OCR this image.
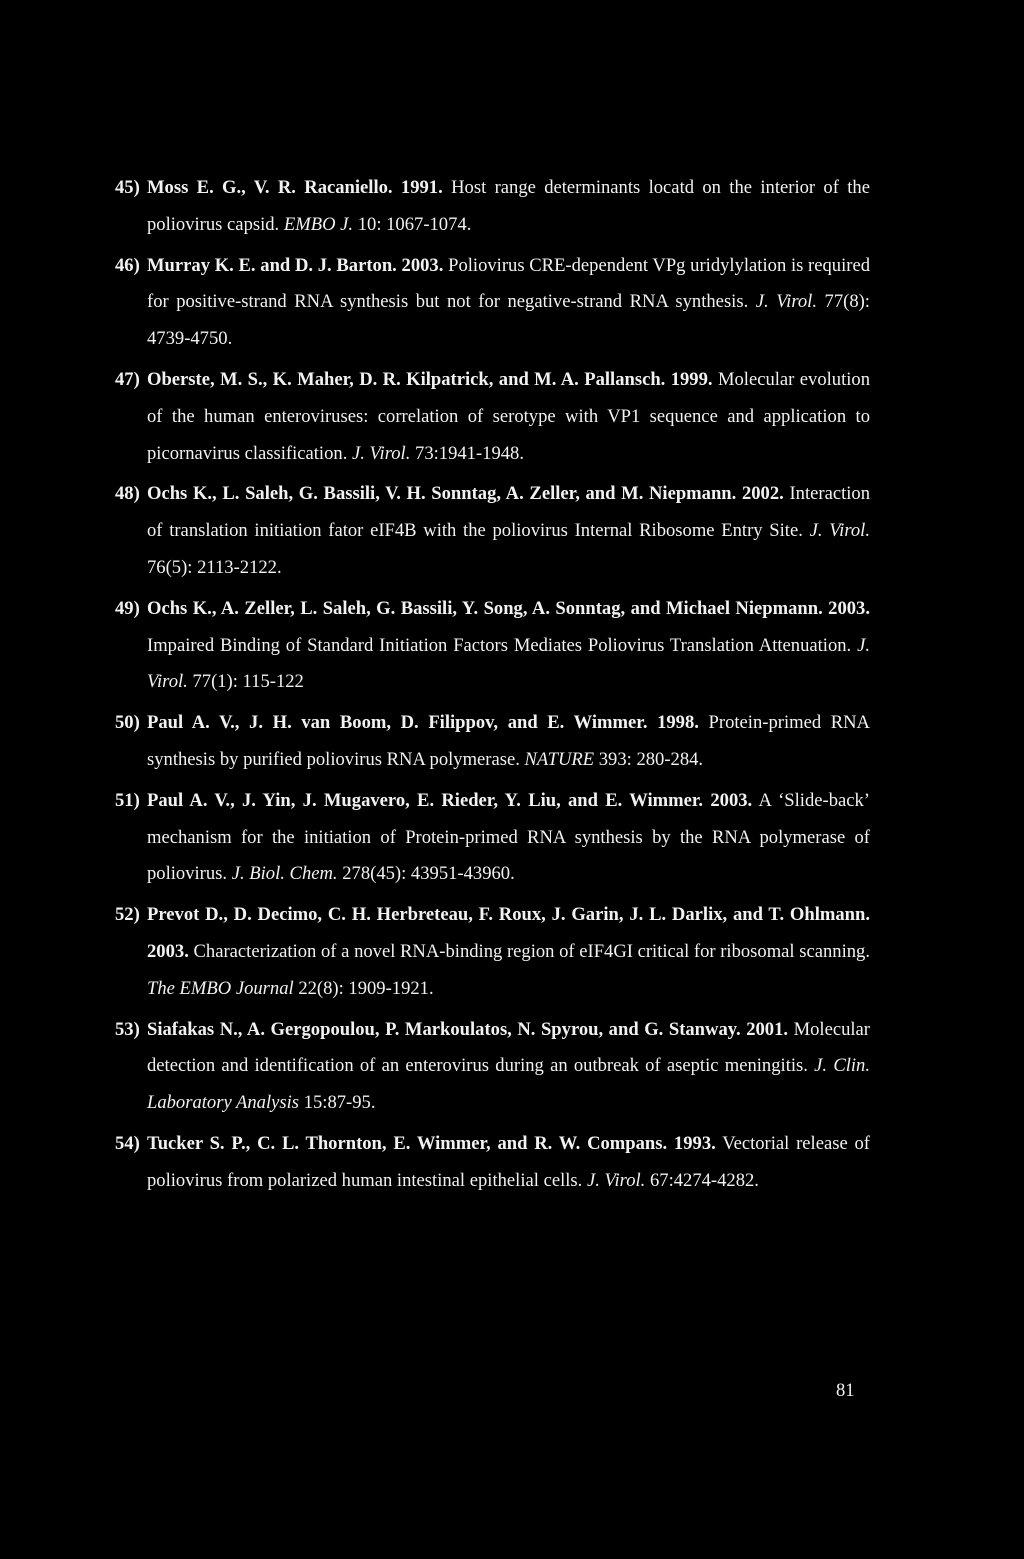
45) Moss E. G., V. R. Racaniello. 1991. Host range determinants locatd on the interior of the poliovirus capsid. EMBO J. 10: 1067-1074.
46) Murray K. E. and D. J. Barton. 2003. Poliovirus CRE-dependent VPg uridylylation is required for positive-strand RNA synthesis but not for negative-strand RNA synthesis. J. Virol. 77(8): 4739-4750.
47) Oberste, M. S., K. Maher, D. R. Kilpatrick, and M. A. Pallansch. 1999. Molecular evolution of the human enteroviruses: correlation of serotype with VP1 sequence and application to picornavirus classification. J. Virol. 73:1941-1948.
48) Ochs K., L. Saleh, G. Bassili, V. H. Sonntag, A. Zeller, and M. Niepmann. 2002. Interaction of translation initiation fator eIF4B with the poliovirus Internal Ribosome Entry Site. J. Virol. 76(5): 2113-2122.
49) Ochs K., A. Zeller, L. Saleh, G. Bassili, Y. Song, A. Sonntag, and Michael Niepmann. 2003. Impaired Binding of Standard Initiation Factors Mediates Poliovirus Translation Attenuation. J. Virol. 77(1): 115-122
50) Paul A. V., J. H. van Boom, D. Filippov, and E. Wimmer. 1998. Protein-primed RNA synthesis by purified poliovirus RNA polymerase. NATURE 393: 280-284.
51) Paul A. V., J. Yin, J. Mugavero, E. Rieder, Y. Liu, and E. Wimmer. 2003. A ‘Slide-back’ mechanism for the initiation of Protein-primed RNA synthesis by the RNA polymerase of poliovirus. J. Biol. Chem. 278(45): 43951-43960.
52) Prevot D., D. Decimo, C. H. Herbreteau, F. Roux, J. Garin, J. L. Darlix, and T. Ohlmann. 2003. Characterization of a novel RNA-binding region of eIF4GI critical for ribosomal scanning. The EMBO Journal 22(8): 1909-1921.
53) Siafakas N., A. Gergopoulou, P. Markoulatos, N. Spyrou, and G. Stanway. 2001. Molecular detection and identification of an enterovirus during an outbreak of aseptic meningitis. J. Clin. Laboratory Analysis 15:87-95.
54) Tucker S. P., C. L. Thornton, E. Wimmer, and R. W. Compans. 1993. Vectorial release of poliovirus from polarized human intestinal epithelial cells. J. Virol. 67:4274-4282.
81
